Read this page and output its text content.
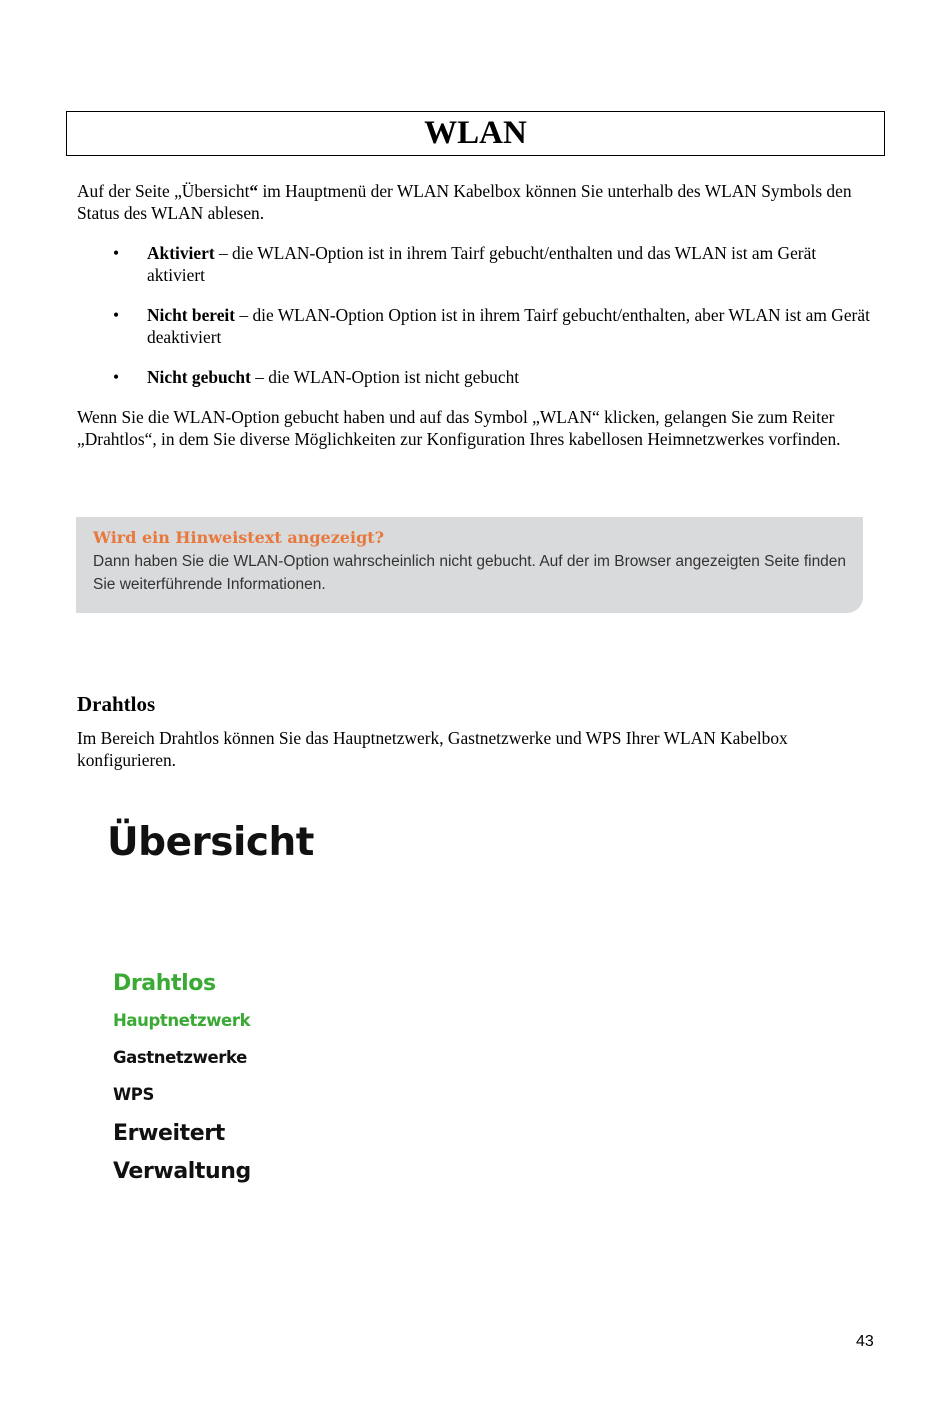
WLAN

Auf der Seite „Übersicht“ im Hauptmenü der WLAN Kabelbox können Sie unterhalb des WLAN Symbols den Status des WLAN ablesen.

• Aktiviert – die WLAN-Option ist in ihrem Tairf gebucht/enthalten und das WLAN ist am Gerät aktiviert
• Nicht bereit – die WLAN-Option Option ist in ihrem Tairf gebucht/enthalten, aber WLAN ist am Gerät deaktiviert
• Nicht gebucht – die WLAN-Option ist nicht gebucht

Wenn Sie die WLAN-Option gebucht haben und auf das Symbol „WLAN“ klicken, gelangen Sie zum Reiter „Drahtlos“, in dem Sie diverse Möglichkeiten zur Konfiguration Ihres kabellosen Heimnetzwerkes vorfinden.

Wird ein Hinweistext angezeigt?
Dann haben Sie die WLAN-Option wahrscheinlich nicht gebucht. Auf der im Browser angezeigten Seite finden Sie weiterführende Informationen.
Drahtlos

Im Bereich Drahtlos können Sie das Hauptnetzwerk, Gastnetzwerke und WPS Ihrer WLAN Kabelbox konfigurieren.

Übersicht
Drahtlos
Hauptnetzwerk
Gastnetzwerke
WPS
Erweitert
Verwaltung
43
